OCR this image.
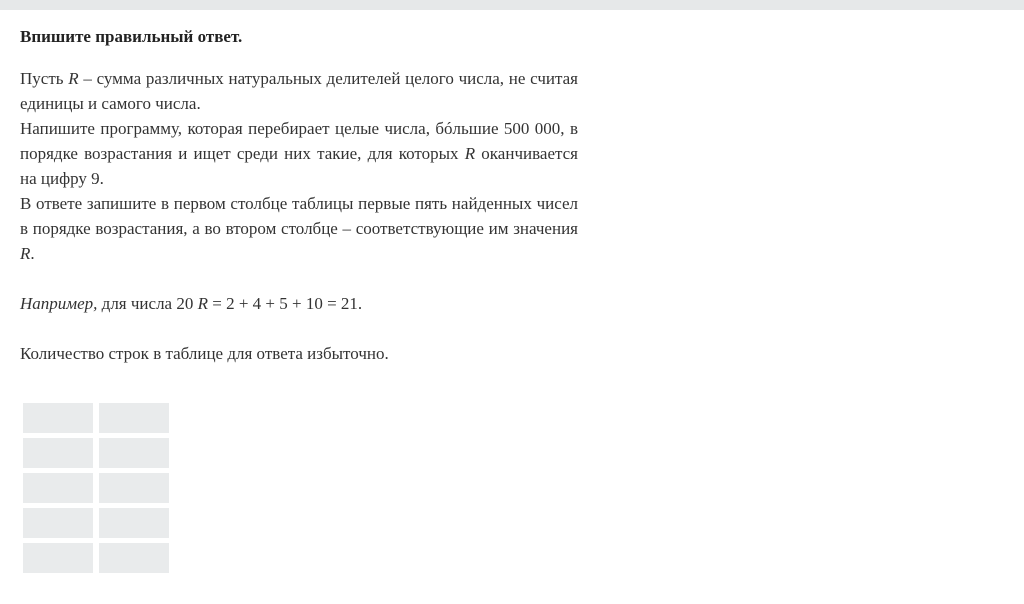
Впишите правильный ответ.

Пусть R – сумма различных натуральных делителей целого числа, не считая единицы и самого числа.

Напишите программу, которая перебирает целые числа, бóльшие 500 000, в порядке возрастания и ищет среди них такие, для которых R оканчивается на цифру 9.

В ответе запишите в первом столбце таблицы первые пять найденных чисел в порядке возрастания, а во втором столбце – соответствующие им значения R.

Например, для числа 20 R = 2 + 4 + 5 + 10 = 21.

Количество строк в таблице для ответа избыточно.
